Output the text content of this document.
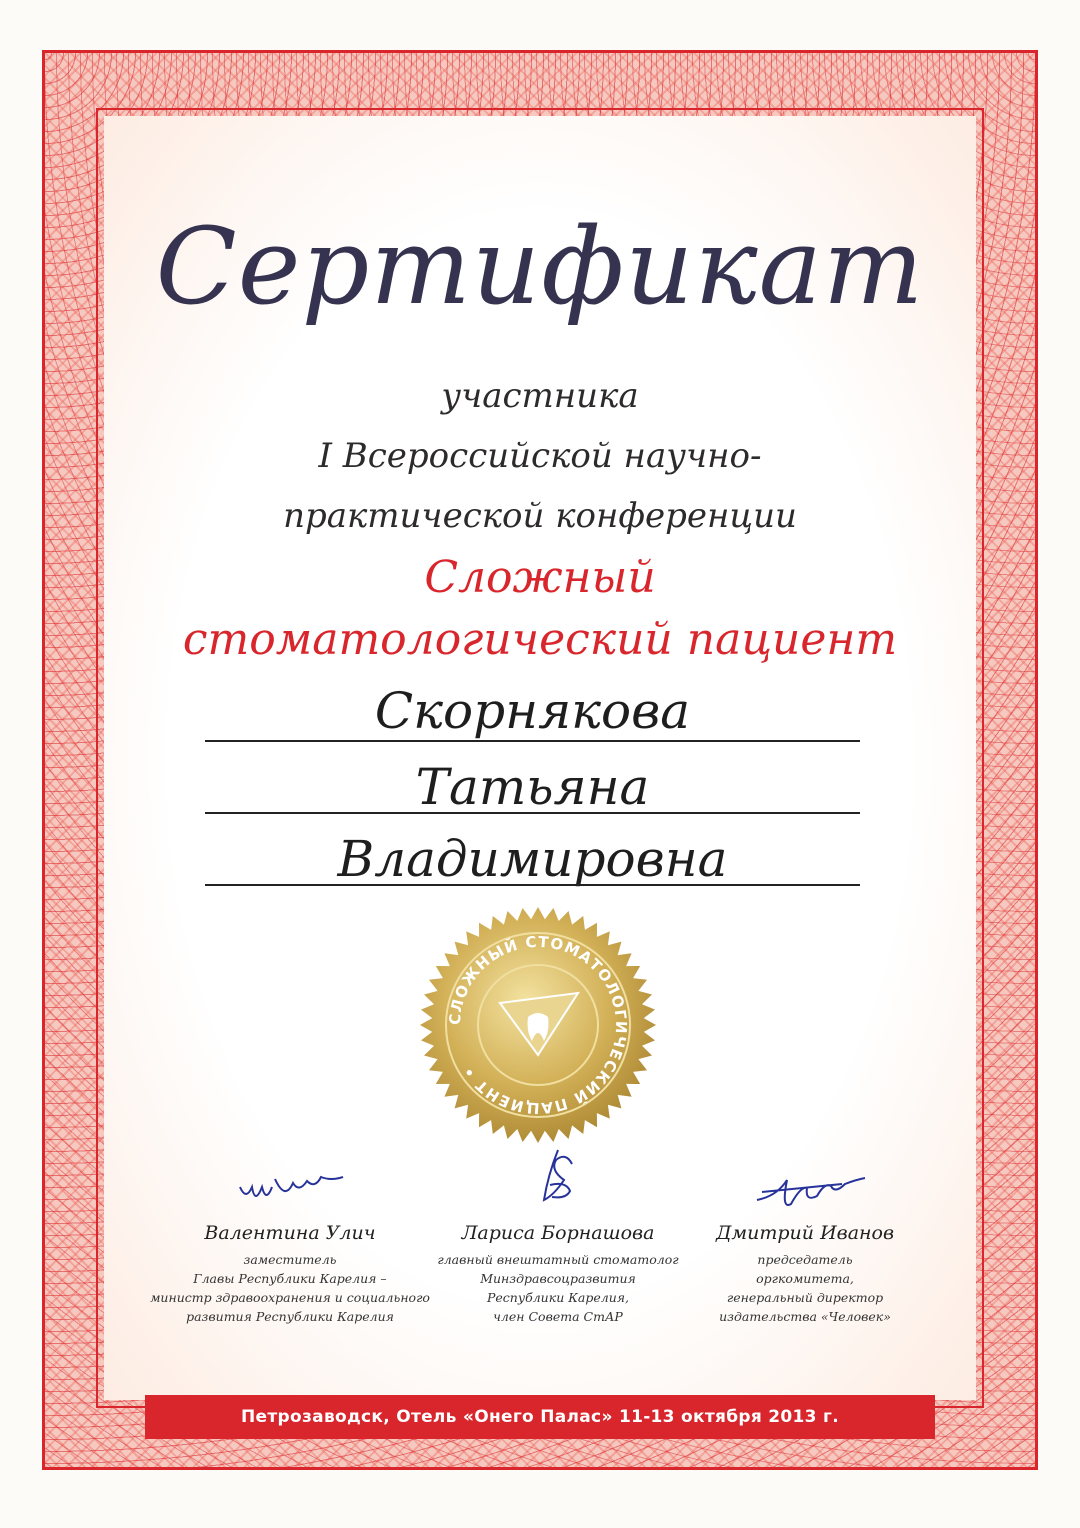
Сертификат
участника
I Всероссийской научно-
практической конференции
Сложный
стоматологический пациент
Скорнякова
Татьяна
Владимировна
СЛОЖНЫЙ СТОМАТОЛОГИЧЕСКИЙ ПАЦИЕНТ •
Валентина Улич
заместитель
Главы Республики Карелия –
министр здравоохранения и социального
развития Республики Карелия
Лариса Борнашова
главный внештатный стоматолог
Минздравсоцразвития
Республики Карелия,
член Совета СтАР
Дмитрий Иванов
председатель
оргкомитета,
генеральный директор
издательства «Человек»
Петрозаводск, Отель «Онего Палас» 11-13 октября 2013 г.
